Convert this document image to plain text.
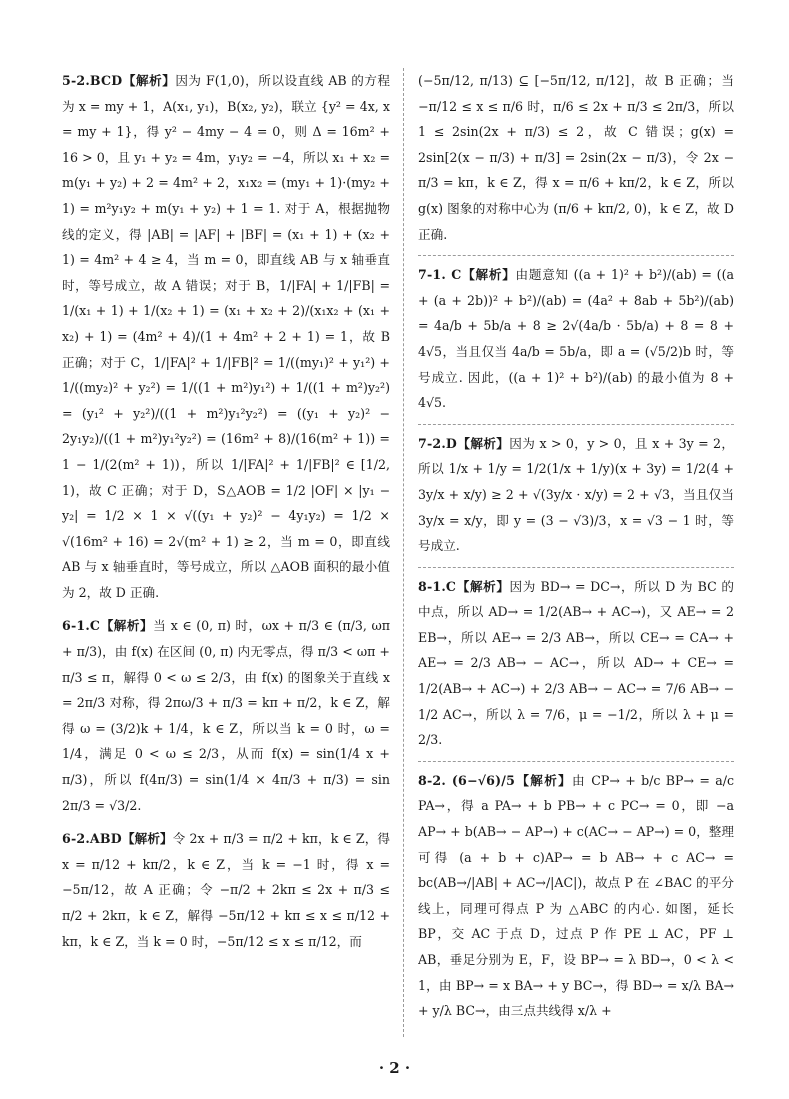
5-2.BCD【解析】因为 F(1,0)，所以设直线 AB 的方程为 x = my + 1，A(x₁, y₁)，B(x₂, y₂)，联立 {y² = 4x, x = my + 1}，得 y² − 4my − 4 = 0，则 Δ = 16m² + 16 > 0，且 y₁ + y₂ = 4m，y₁y₂ = −4，所以 x₁ + x₂ = m(y₁ + y₂) + 2 = 4m² + 2，x₁x₂ = (my₁ + 1)·(my₂ + 1) = m²y₁y₂ + m(y₁ + y₂) + 1 = 1. 对于 A，根据抛物线的定义，得 |AB| = |AF| + |BF| = (x₁ + 1) + (x₂ + 1) = 4m² + 4 ≥ 4，当 m = 0，即直线 AB 与 x 轴垂直时，等号成立，故 A 错误；对于 B，1/|FA| + 1/|FB| = 1/(x₁ + 1) + 1/(x₂ + 1) = (x₁ + x₂ + 2)/(x₁x₂ + (x₁ + x₂) + 1) = (4m² + 4)/(1 + 4m² + 2 + 1) = 1，故 B 正确；对于 C，1/|FA|² + 1/|FB|² = 1/((my₁)² + y₁²) + 1/((my₂)² + y₂²) = 1/((1 + m²)y₁²) + 1/((1 + m²)y₂²) = (y₁² + y₂²)/((1 + m²)y₁²y₂²) = ((y₁ + y₂)² − 2y₁y₂)/((1 + m²)y₁²y₂²) = (16m² + 8)/(16(m² + 1)) = 1 − 1/(2(m² + 1))，所以 1/|FA|² + 1/|FB|² ∈ [1/2, 1)，故 C 正确；对于 D，S△AOB = 1/2 |OF| × |y₁ − y₂| = 1/2 × 1 × √((y₁ + y₂)² − 4y₁y₂) = 1/2 × √(16m² + 16) = 2√(m² + 1) ≥ 2，当 m = 0，即直线 AB 与 x 轴垂直时，等号成立，所以 △AOB 面积的最小值为 2，故 D 正确.
6-1.C【解析】当 x ∈ (0, π) 时，ωx + π/3 ∈ (π/3, ωπ + π/3)，由 f(x) 在区间 (0, π) 内无零点，得 π/3 < ωπ + π/3 ≤ π，解得 0 < ω ≤ 2/3，由 f(x) 的图象关于直线 x = 2π/3 对称，得 2πω/3 + π/3 = kπ + π/2，k ∈ Z，解得 ω = (3/2)k + 1/4，k ∈ Z，所以当 k = 0 时，ω = 1/4，满足 0 < ω ≤ 2/3，从而 f(x) = sin(1/4 x + π/3)，所以 f(4π/3) = sin(1/4 × 4π/3 + π/3) = sin 2π/3 = √3/2.
6-2.ABD【解析】令 2x + π/3 = π/2 + kπ，k ∈ Z，得 x = π/12 + kπ/2，k ∈ Z，当 k = −1 时，得 x = −5π/12，故 A 正确；令 −π/2 + 2kπ ≤ 2x + π/3 ≤ π/2 + 2kπ，k ∈ Z，解得 −5π/12 + kπ ≤ x ≤ π/12 + kπ，k ∈ Z，当 k = 0 时，−5π/12 ≤ x ≤ π/12，而
(−5π/12, π/13) ⊆ [−5π/12, π/12]，故 B 正确；当 −π/12 ≤ x ≤ π/6 时，π/6 ≤ 2x + π/3 ≤ 2π/3，所以 1 ≤ 2sin(2x + π/3) ≤ 2，故 C 错误；g(x) = 2sin[2(x − π/3) + π/3] = 2sin(2x − π/3)，令 2x − π/3 = kπ，k ∈ Z，得 x = π/6 + kπ/2，k ∈ Z，所以 g(x) 图象的对称中心为 (π/6 + kπ/2, 0)，k ∈ Z，故 D 正确.
7-1. C【解析】由题意知 ((a + 1)² + b²)/(ab) = ((a + (a + 2b))² + b²)/(ab) = (4a² + 8ab + 5b²)/(ab) = 4a/b + 5b/a + 8 ≥ 2√(4a/b · 5b/a) + 8 = 8 + 4√5，当且仅当 4a/b = 5b/a，即 a = (√5/2)b 时，等号成立. 因此，((a + 1)² + b²)/(ab) 的最小值为 8 + 4√5.
7-2.D【解析】因为 x > 0，y > 0，且 x + 3y = 2，所以 1/x + 1/y = 1/2(1/x + 1/y)(x + 3y) = 1/2(4 + 3y/x + x/y) ≥ 2 + √(3y/x · x/y) = 2 + √3，当且仅当 3y/x = x/y，即 y = (3 − √3)/3，x = √3 − 1 时，等号成立.
8-1.C【解析】因为 BD→ = DC→，所以 D 为 BC 的中点，所以 AD→ = 1/2(AB→ + AC→)，又 AE→ = 2 EB→，所以 AE→ = 2/3 AB→，所以 CE→ = CA→ + AE→ = 2/3 AB→ − AC→，所以 AD→ + CE→ = 1/2(AB→ + AC→) + 2/3 AB→ − AC→ = 7/6 AB→ − 1/2 AC→，所以 λ = 7/6，μ = −1/2，所以 λ + μ = 2/3.
8-2. (6−√6)/5【解析】由 CP→ + b/c BP→ = a/c PA→，得 a PA→ + b PB→ + c PC→ = 0，即 −a AP→ + b(AB→ − AP→) + c(AC→ − AP→) = 0，整理可得 (a + b + c)AP→ = b AB→ + c AC→ = bc(AB→/|AB| + AC→/|AC|)，故点 P 在 ∠BAC 的平分线上，同理可得点 P 为 △ABC 的内心. 如图，延长 BP，交 AC 于点 D，过点 P 作 PE ⊥ AC，PF ⊥ AB，垂足分别为 E，F，设 BP→ = λ BD→，0 < λ < 1，由 BP→ = x BA→ + y BC→，得 BD→ = x/λ BA→ + y/λ BC→，由三点共线得 x/λ +
· 2 ·
